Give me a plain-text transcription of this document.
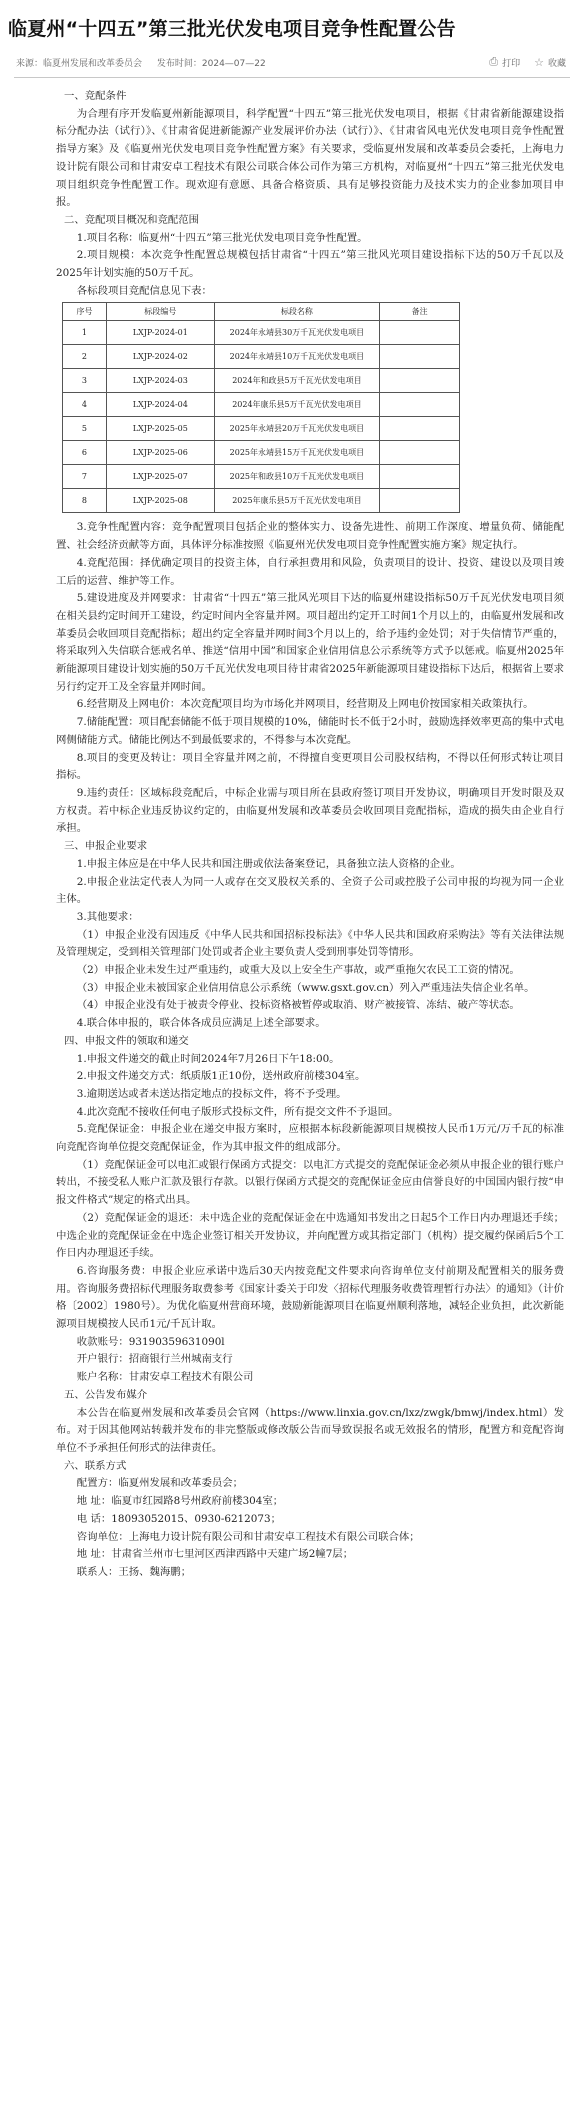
临夏州“十四五”第三批光伏发电项目竞争性配置公告
来源：临夏州发展和改革委员会 发布时间：2024—07—22	⎙ 打印 ☆ 收藏

一、竞配条件

为合理有序开发临夏州新能源项目，科学配置“十四五”第三批光伏发电项目，根据《甘肃省新能源建设指标分配办法（试行）》、《甘肃省促进新能源产业发展评价办法（试行）》、《甘肃省风电光伏发电项目竞争性配置指导方案》及《临夏州光伏发电项目竞争性配置方案》有关要求，受临夏州发展和改革委员会委托，上海电力设计院有限公司和甘肃安卓工程技术有限公司联合体公司作为第三方机构，对临夏州“十四五”第三批光伏发电项目组织竞争性配置工作。现欢迎有意愿、具备合格资质、具有足够投资能力及技术实力的企业参加项目申报。

二、竞配项目概况和竞配范围

1.项目名称：临夏州“十四五”第三批光伏发电项目竞争性配置。

2.项目规模：本次竞争性配置总规模包括甘肃省“十四五”第三批风光项目建设指标下达的50万千瓦以及2025年计划实施的50万千瓦。

各标段项目竞配信息见下表：

序号	标段编号	标段名称	备注
1	LXJP-2024-01	2024年永靖县30万千瓦光伏发电项目	
2	LXJP-2024-02	2024年永靖县10万千瓦光伏发电项目	
3	LXJP-2024-03	2024年和政县5万千瓦光伏发电项目	
4	LXJP-2024-04	2024年康乐县5万千瓦光伏发电项目	
5	LXJP-2025-05	2025年永靖县20万千瓦光伏发电项目	
6	LXJP-2025-06	2025年永靖县15万千瓦光伏发电项目	
7	LXJP-2025-07	2025年和政县10万千瓦光伏发电项目	
8	LXJP-2025-08	2025年康乐县5万千瓦光伏发电项目	

3.竞争性配置内容：竞争配置项目包括企业的整体实力、设备先进性、前期工作深度、增量负荷、储能配置、社会经济贡献等方面，具体评分标准按照《临夏州光伏发电项目竞争性配置实施方案》规定执行。

4.竞配范围：择优确定项目的投资主体，自行承担费用和风险，负责项目的设计、投资、建设以及项目竣工后的运营、维护等工作。

5.建设进度及并网要求：甘肃省“十四五”第三批风光项目下达的临夏州建设指标50万千瓦光伏发电项目须在相关县约定时间开工建设，约定时间内全容量并网。项目超出约定开工时间1个月以上的，由临夏州发展和改革委员会收回项目竞配指标；超出约定全容量并网时间3个月以上的，给予违约金处罚；对于失信情节严重的，将采取列入失信联合惩戒名单、推送“信用中国”和国家企业信用信息公示系统等方式予以惩戒。临夏州2025年新能源项目建设计划实施的50万千瓦光伏发电项目待甘肃省2025年新能源项目建设指标下达后，根据省上要求另行约定开工及全容量并网时间。

6.经营期及上网电价：本次竞配项目均为市场化并网项目，经营期及上网电价按国家相关政策执行。

7.储能配置：项目配套储能不低于项目规模的10%，储能时长不低于2小时，鼓励选择效率更高的集中式电网侧储能方式。储能比例达不到最低要求的，不得参与本次竞配。

8.项目的变更及转让：项目全容量并网之前，不得擅自变更项目公司股权结构，不得以任何形式转让项目指标。

9.违约责任：区域标段竞配后，中标企业需与项目所在县政府签订项目开发协议，明确项目开发时限及双方权责。若中标企业违反协议约定的，由临夏州发展和改革委员会收回项目竞配指标，造成的损失由企业自行承担。

三、申报企业要求

1.申报主体应是在中华人民共和国注册或依法备案登记，具备独立法人资格的企业。

2.申报企业法定代表人为同一人或存在交叉股权关系的、全资子公司或控股子公司申报的均视为同一企业主体。

3.其他要求：

（1）申报企业没有因违反《中华人民共和国招标投标法》《中华人民共和国政府采购法》等有关法律法规及管理规定，受到相关管理部门处罚或者企业主要负责人受到刑事处罚等情形。

（2）申报企业未发生过严重违约，或重大及以上安全生产事故，或严重拖欠农民工工资的情况。

（3）申报企业未被国家企业信用信息公示系统（www.gsxt.gov.cn）列入严重违法失信企业名单。

（4）申报企业没有处于被责令停业、投标资格被暂停或取消、财产被接管、冻结、破产等状态。

4.联合体申报的，联合体各成员应满足上述全部要求。

四、申报文件的领取和递交

1.申报文件递交的截止时间2024年7月26日下午18:00。

2.申报文件递交方式：纸质版1正10份，送州政府前楼304室。

3.逾期送达或者未送达指定地点的投标文件，将不予受理。

4.此次竞配不接收任何电子版形式投标文件，所有提交文件不予退回。

5.竞配保证金：申报企业在递交申报方案时，应根据本标段新能源项目规模按人民币1万元/万千瓦的标准向竞配咨询单位提交竞配保证金，作为其申报文件的组成部分。

（1）竞配保证金可以电汇或银行保函方式提交：以电汇方式提交的竞配保证金必须从申报企业的银行账户转出，不接受私人账户汇款及银行存款。以银行保函方式提交的竞配保证金应由信誉良好的中国国内银行按“申报文件格式”规定的格式出具。

（2）竞配保证金的退还：未中选企业的竞配保证金在中选通知书发出之日起5个工作日内办理退还手续；中选企业的竞配保证金在中选企业签订相关开发协议，并向配置方或其指定部门（机构）提交履约保函后5个工作日内办理退还手续。

6.咨询服务费：申报企业应承诺中选后30天内按竞配文件要求向咨询单位支付前期及配置相关的服务费用。咨询服务费招标代理服务取费参考《国家计委关于印发〈招标代理服务收费管理暂行办法〉的通知》（计价格〔2002〕1980号）。为优化临夏州营商环境，鼓励新能源项目在临夏州顺利落地，减轻企业负担，此次新能源项目规模按人民币1元/千瓦计取。

收款账号：93190359631090l

开户银行：招商银行兰州城南支行

账户名称：甘肃安卓工程技术有限公司

五、公告发布媒介

本公告在临夏州发展和改革委员会官网（https://www.linxia.gov.cn/lxz/zwgk/bmwj/index.html）发布。对于因其他网站转载并发布的非完整版或修改版公告而导致误报名或无效报名的情形，配置方和竞配咨询单位不予承担任何形式的法律责任。

六、联系方式

配置方：临夏州发展和改革委员会；

地 址：临夏市红园路8号州政府前楼304室；

电 话：18093052015、0930-6212073；

咨询单位：上海电力设计院有限公司和甘肃安卓工程技术有限公司联合体；

地 址：甘肃省兰州市七里河区西津西路中天建广场2幢7层；

联系人：王扬、魏海鹏；
